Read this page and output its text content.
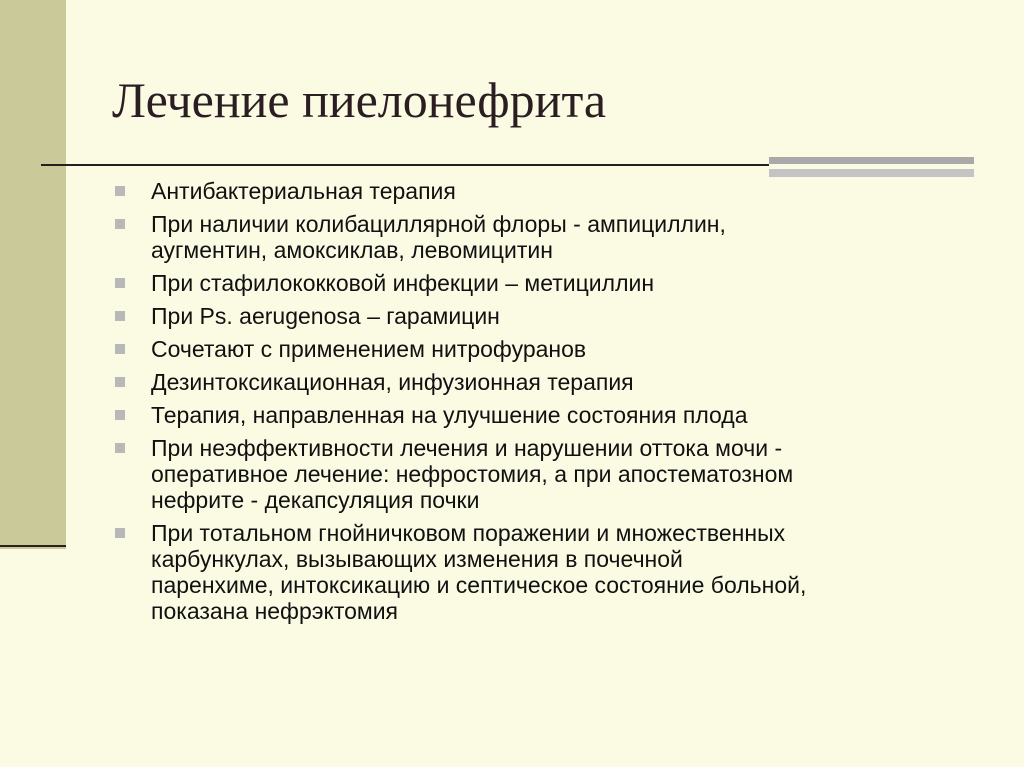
Лечение пиелонефрита
Антибактериальная терапия
При наличии колибациллярной флоры - ампициллин,
аугментин, амоксиклав, левомицитин
При стафилококковой инфекции – метициллин
При Ps. aerugenosa – гарамицин
Сочетают с применением нитрофуранов
Дезинтоксикационная, инфузионная терапия
Терапия, направленная на улучшение состояния плода
При неэффективности лечения и нарушении оттока мочи -
оперативное лечение: нефростомия, а при апостематозном
нефрите - декапсуляция почки
При тотальном гнойничковом поражении и множественных
карбункулах, вызывающих изменения в почечной
паренхиме, интоксикацию и септическое состояние больной,
показана нефрэктомия
